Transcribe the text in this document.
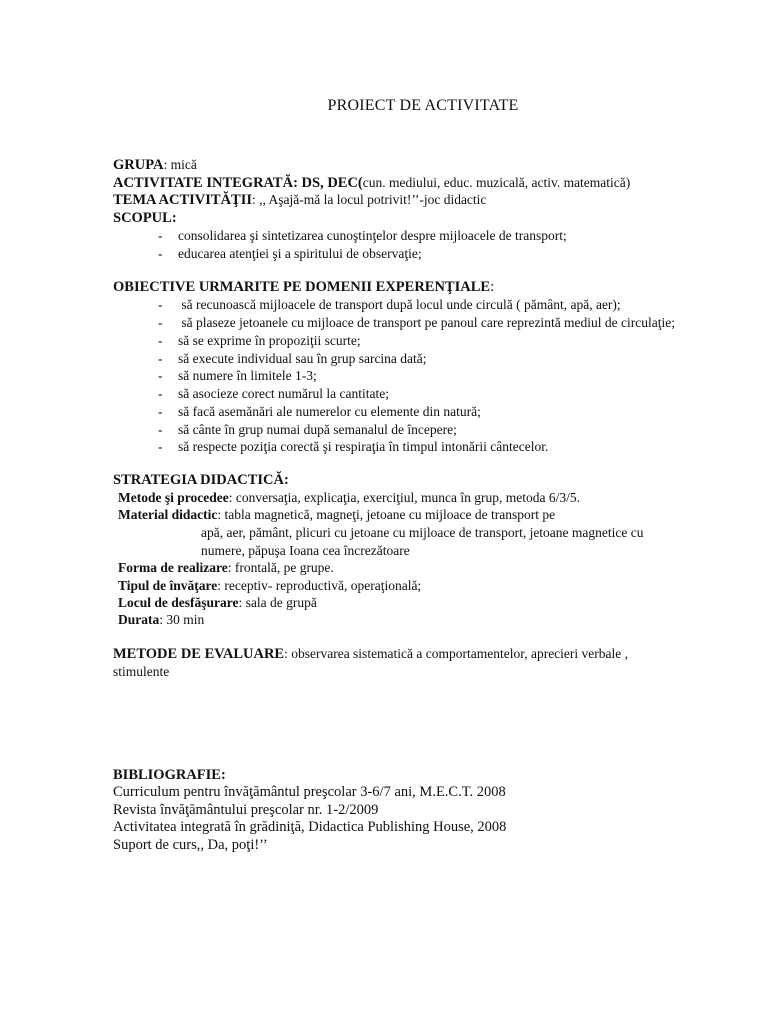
PROIECT DE ACTIVITATE
GRUPA: mică
ACTIVITATE INTEGRATĂ: DS, DEC(cun. mediului, educ. muzicală, activ. matematică)
TEMA ACTIVITĂŢII: ,, Aşajă-mă la locul potrivit!’’-joc didactic
SCOPUL:
- consolidarea şi sintetizarea cunoştinţelor despre mijloacele de transport;
- educarea atenţiei şi a spiritului de observaţie;
OBIECTIVE URMARITE PE DOMENII EXPERENŢIALE:
- să recunoască mijloacele de transport după locul unde circulă ( pământ, apă, aer);
- să plaseze jetoanele cu mijloace de transport pe panoul care reprezintă mediul de circulaţie;
- să se exprime în propoziţii scurte;
- să execute individual sau în grup sarcina dată;
- să numere în limitele 1-3;
- să asocieze corect numărul la cantitate;
- să facă asemănări ale numerelor cu elemente din natură;
- să cânte în grup numai după semanalul de începere;
- să respecte poziţia corectă şi respiraţia în timpul intonării cântecelor.
STRATEGIA DIDACTICĂ:
Metode şi procedee: conversaţia, explicaţia, exerciţiul, munca în grup, metoda 6/3/5.
Material didactic: tabla magnetică, magneţi, jetoane cu mijloace de transport pe
apă, aer, pământ, plicuri cu jetoane cu mijloace de transport, jetoane magnetice cu
numere, păpuşa Ioana cea încrezătoare
Forma de realizare: frontală, pe grupe.
Tipul de învăţare: receptiv- reproductivă, operaţională;
Locul de desfăşurare: sala de grupă
Durata: 30 min
METODE DE EVALUARE: observarea sistematică a comportamentelor, aprecieri verbale ,
stimulente
BIBLIOGRAFIE:
Curriculum pentru învăţământul preşcolar 3-6/7 ani, M.E.C.T. 2008
Revista învăţământului preşcolar nr. 1-2/2009
Activitatea integrată în grădiniţă, Didactica Publishing House, 2008
Suport de curs,, Da, poţi!’’
